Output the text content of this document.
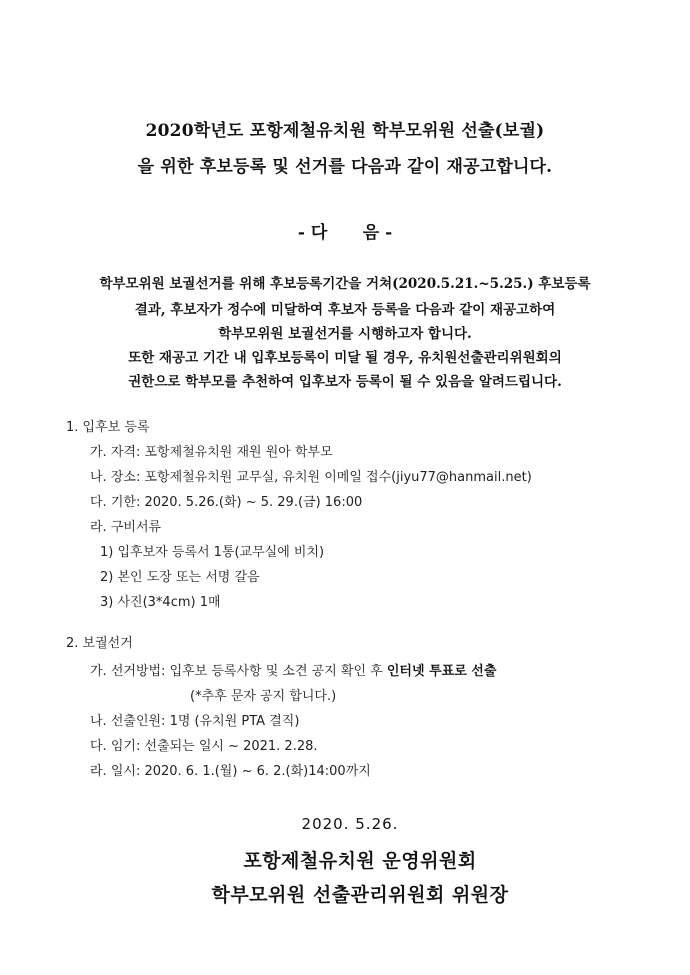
2020학년도 포항제철유치원 학부모위원 선출(보궐)
을 위한 후보등록 및 선거를 다음과 같이 재공고합니다.
- 다      음 -
학부모위원 보궐선거를 위해 후보등록기간을 거쳐(2020.5.21.~5.25.) 후보등록
결과, 후보자가 정수에 미달하여 후보자 등록을 다음과 같이 재공고하여
학부모위원 보궐선거를 시행하고자 합니다.
또한 재공고 기간 내 입후보등록이 미달 될 경우, 유치원선출관리위원회의
권한으로 학부모를 추천하여 입후보자 등록이 될 수 있음을 알려드립니다.
1. 입후보 등록
가. 자격: 포항제철유치원 재원 원아 학부모
나. 장소: 포항제철유치원 교무실, 유치원 이메일 접수(jiyu77@hanmail.net)
다. 기한: 2020. 5.26.(화) ~ 5. 29.(금) 16:00
라. 구비서류
1) 입후보자 등록서 1통(교무실에 비치)
2) 본인 도장 또는 서명 갈음
3) 사진(3*4cm) 1매
2. 보궐선거
가. 선거방법: 입후보 등록사항 및 소견 공지 확인 후 인터넷 투표로 선출
(*추후 문자 공지 합니다.)
나. 선출인원: 1명 (유치원 PTA 결직)
다. 임기: 선출되는 일시 ~ 2021. 2.28.
라. 일시: 2020. 6. 1.(월) ~ 6. 2.(화)14:00까지
2020. 5.26.
포항제철유치원 운영위원회
학부모위원 선출관리위원회 위원장
